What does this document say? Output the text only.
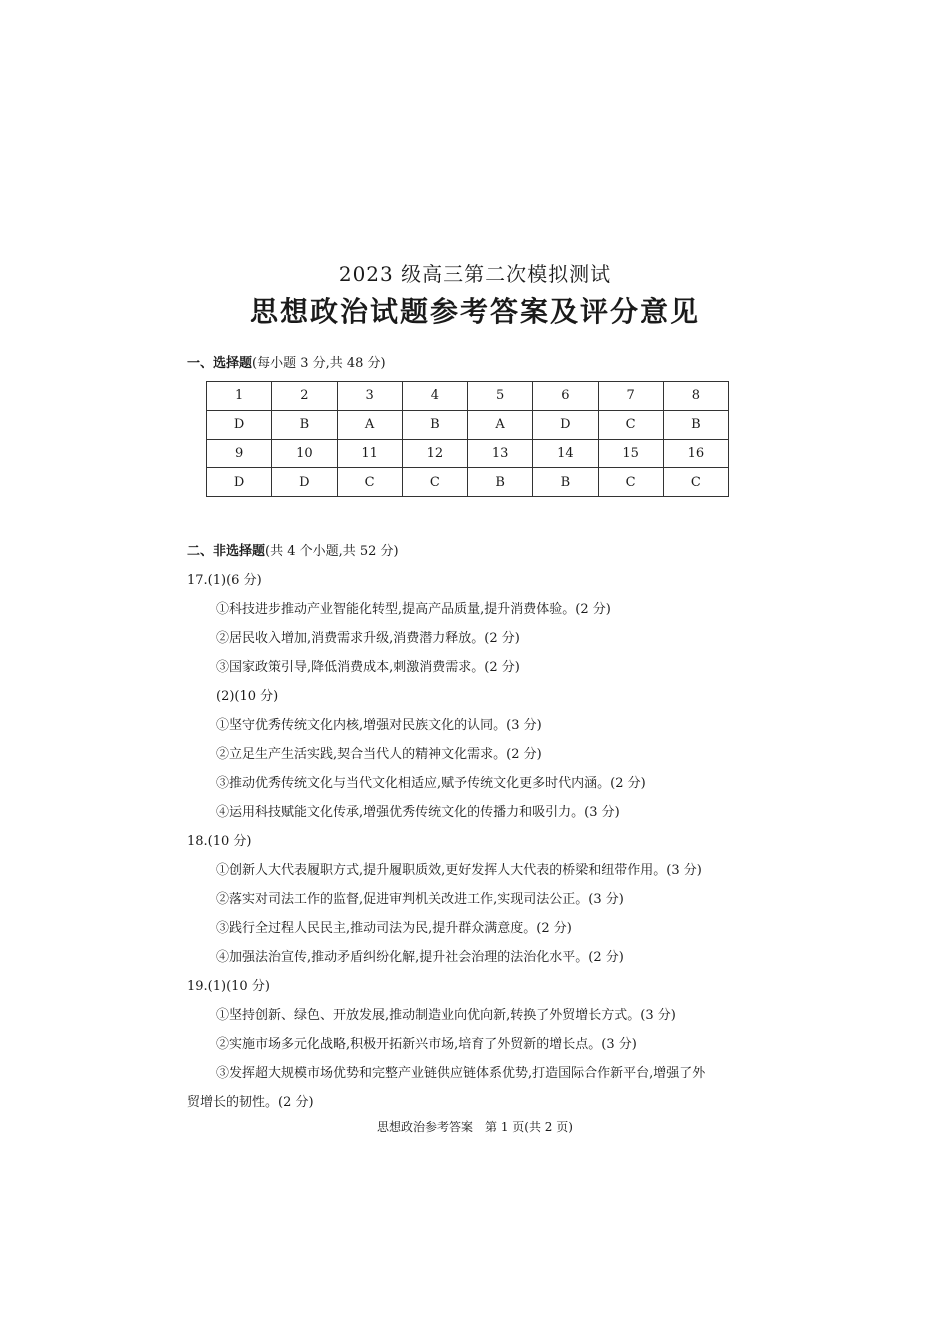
2023 级高三第二次模拟测试
思想政治试题参考答案及评分意见
一、选择题(每小题 3 分,共 48 分)
1	2	3	4	5	6	7	8
D	B	A	B	A	D	C	B
9	10	11	12	13	14	15	16
D	D	C	C	B	B	C	C
二、非选择题(共 4 个小题,共 52 分)
17.(1)(6 分)
①科技进步推动产业智能化转型,提高产品质量,提升消费体验。(2 分)
②居民收入增加,消费需求升级,消费潜力释放。(2 分)
③国家政策引导,降低消费成本,刺激消费需求。(2 分)
(2)(10 分)
①坚守优秀传统文化内核,增强对民族文化的认同。(3 分)
②立足生产生活实践,契合当代人的精神文化需求。(2 分)
③推动优秀传统文化与当代文化相适应,赋予传统文化更多时代内涵。(2 分)
④运用科技赋能文化传承,增强优秀传统文化的传播力和吸引力。(3 分)
18.(10 分)
①创新人大代表履职方式,提升履职质效,更好发挥人大代表的桥梁和纽带作用。(3 分)
②落实对司法工作的监督,促进审判机关改进工作,实现司法公正。(3 分)
③践行全过程人民民主,推动司法为民,提升群众满意度。(2 分)
④加强法治宣传,推动矛盾纠纷化解,提升社会治理的法治化水平。(2 分)
19.(1)(10 分)
①坚持创新、绿色、开放发展,推动制造业向优向新,转换了外贸增长方式。(3 分)
②实施市场多元化战略,积极开拓新兴市场,培育了外贸新的增长点。(3 分)
③发挥超大规模市场优势和完整产业链供应链体系优势,打造国际合作新平台,增强了外
贸增长的韧性。(2 分)
思想政治参考答案　第 1 页(共 2 页)
